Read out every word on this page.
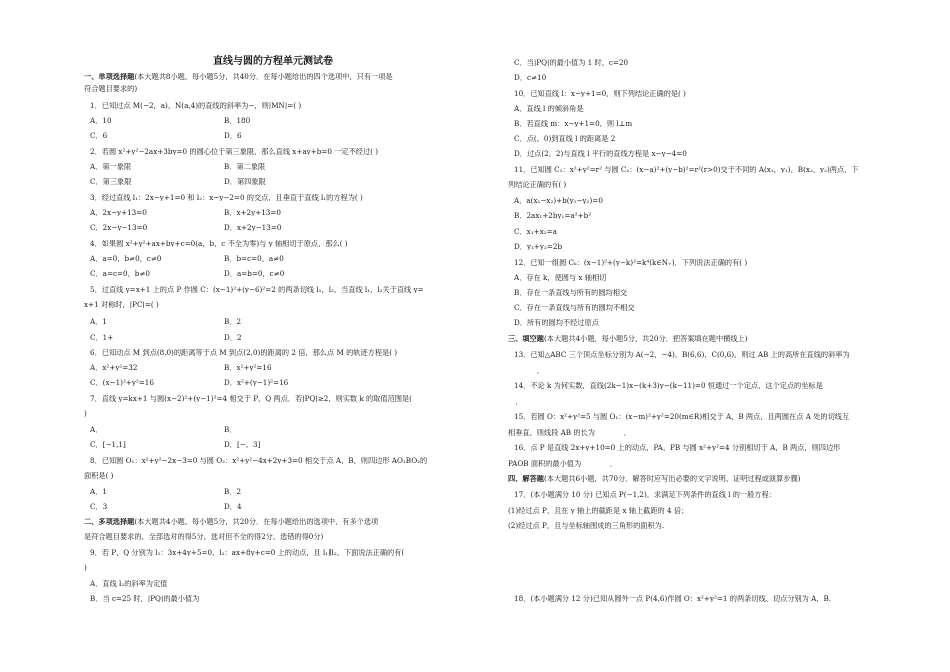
直线与圆的方程单元测试卷
一、单项选择题(本大题共8小题，每小题5分，共40分．在每小题给出的四个选项中，只有一项是
符合题目要求的)
1．已知过点 M(−2，a)，N(a,4)的直线的斜率为−，则|MN|=( )
A．10	B．180
C．6	D．6
2．若圆 x²+y²−2ax+3by=0 的圆心位于第三象限，那么直线 x+ay+b=0 一定不经过( )
A．第一象限	B．第二象限
C．第三象限	D．第四象限
3．经过直线 l₁：2x−y+1=0 和 l₂：x−y−2=0 的交点，且垂直于直线 l₁的方程为( )
A．2x−y+13=0	B．x+2y+13=0
C．2x−y−13=0	D．x+2y−13=0
4．如果圆 x²+y²+ax+by+c=0(a，b，c 不全为零)与 y 轴相切于原点，那么( )
A．a=0，b≠0，c≠0	B．b=c=0，a≠0
C．a=c=0，b≠0	D．a=b=0，c≠0
5．过直线 y=x+1 上的点 P 作圆 C：(x−1)²+(y−6)²=2 的两条切线 l₁，l₂，当直线 l₁，l₂关于直线 y=
x+1 对称时，|PC|=( )
A．1	B．2
C．1+	D．2
6．已知动点 M 到点(8,0)的距离等于点 M 到点(2,0)的距离的 2 倍，那么点 M 的轨迹方程是( )
A．x²+y²=32	B．x²+y²=16
C．(x−1)²+y²=16	D．x²+(y−1)²=16
7．直线 y=kx+1 与圆(x−2)²+(y−1)²=4 相交于 P，Q 两点．若|PQ|≥2，则实数 k 的取值范围是(
)
A．	B．
C．[−1,1]	D．[−，3]
8．已知圆 O₁：x²+y²−2x−3=0 与圆 O₂：x²+y²−4x+2y+3=0 相交于点 A，B，则四边形 AO₁BO₂的
面积是( )
A．1	B．2
C．3	D．4
二、多项选择题(本大题共4小题，每小题5分，共20分．在每小题给出的选项中，有多个选项
是符合题目要求的，全部选对的得5分，选对但不全的得2分，选错的得0分)
9．若 P，Q 分别为 l₁：3x+4y+5=0，l₂：ax+8y+c=0 上的动点，且 l₁∥l₂，下面说法正确的有(
)
A．直线 l₂的斜率为定值
B．当 c=25 时，|PQ|的最小值为
C．当|PQ|的最小值为 1 时，c=20
D．c≠10
10．已知直线 l：x−y+1=0，则下列结论正确的是( )
A．直线 l 的倾斜角是
B．若直线 m：x−y+1=0，则 l⊥m
C．点(，0)到直线 l 的距离是 2
D．过点(2，2)与直线 l 平行的直线方程是 x−y−4=0
11．已知圆 C₁：x²+y²=r² 与圆 C₂：(x−a)²+(y−b)²=r²(r>0)交于不同的 A(x₁，y₁)，B(x₂，y₂)两点，下
列结论正确的有( )
A．a(x₁−x₂)+b(y₁−y₂)=0
B．2ax₁+2by₁=a²+b²
C．x₁+x₂=a
D．y₁+y₂=2b
12．已知一组圆 Cₖ：(x−1)²+(y−k)²=k⁴(k∈N₊)．下列说法正确的有( )
A．存在 k，使圆与 x 轴相切
B．存在一条直线与所有的圆均相交
C．存在一条直线与所有的圆均不相交
D．所有的圆均不经过原点
三、填空题(本大题共4小题，每小题5分，共20分．把答案填在题中横线上)
13．已知△ABC 三个顶点坐标分别为 A(−2，−4)，B(6,6)，C(0,6)，则过 AB 上的高所在直线的斜率为
________．
14．不论 k 为何实数，直线(2k−1)x−(k+3)y−(k−11)=0 恒通过一个定点，这个定点的坐标是______
__．
15．若圆 O：x²+y²=5 与圆 O₁：(x−m)²+y²=20(m∈R)相交于 A，B 两点，且两圆在点 A 处的切线互
相垂直，则线段 AB 的长为________．
16．点 P 是直线 2x+y+10=0 上的动点，PA，PB 与圆 x²+y²=4 分别相切于 A，B 两点，则四边形
PAOB 面积的最小值为________．
四、解答题(本大题共6小题，共70分．解答时应写出必要的文字说明、证明过程或演算步骤)
17．(本小题满分 10 分) 已知点 P(−1,2)，求满足下列条件的直线 l 的一般方程：
(1)经过点 P，且在 y 轴上的截距是 x 轴上截距的 4 倍；
(2)经过点 P，且与坐标轴围成的三角形的面积为.
18．(本小题满分 12 分)已知从圆外一点 P(4,6)作圆 O：x²+y²=1 的两条切线，切点分别为 A，B.
